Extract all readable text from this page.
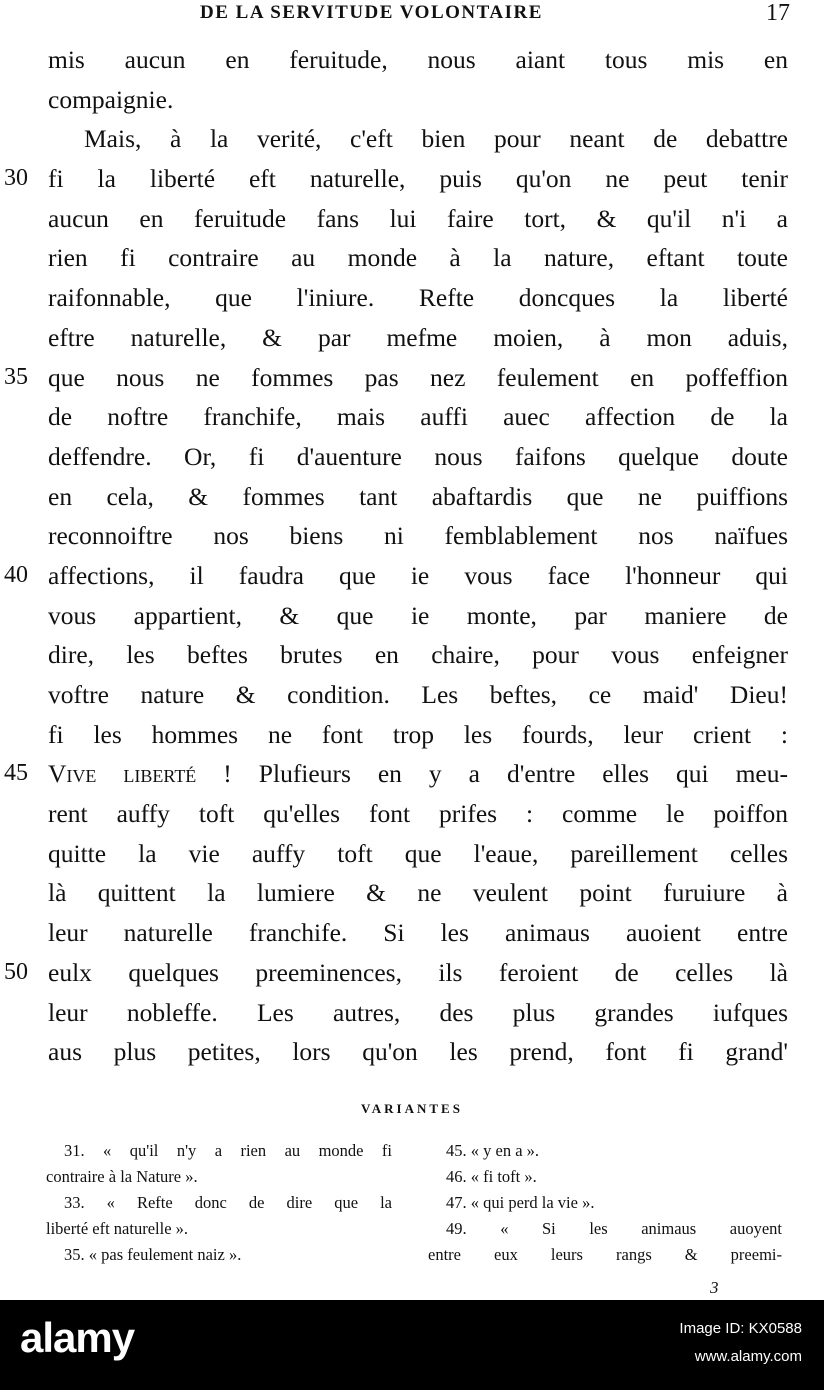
DE LA SERVITUDE VOLONTAIRE	17
mis aucun en feruitude, nous aiant tous mis en
compaignie.
Mais, à la verité, c'eft bien pour neant de debattre
30 fi la liberté eft naturelle, puis qu'on ne peut tenir
aucun en feruitude fans lui faire tort, & qu'il n'i a
rien fi contraire au monde à la nature, eftant toute
raifonnable, que l'iniure. Refte doncques la liberté
eftre naturelle, & par mefme moien, à mon aduis,
35 que nous ne fommes pas nez feulement en poffeffion
de noftre franchife, mais auffi auec affection de la
deffendre. Or, fi d'auenture nous faifons quelque doute
en cela, & fommes tant abaftardis que ne puiffions
reconnoiftre nos biens ni femblablement nos naïfues
40 affections, il faudra que ie vous face l'honneur qui
vous appartient, & que ie monte, par maniere de
dire, les beftes brutes en chaire, pour vous enfeigner
voftre nature & condition. Les beftes, ce maid' Dieu!
fi les hommes ne font trop les fourds, leur crient :
45 Vive liberté ! Plufieurs en y a d'entre elles qui meu-
rent auffy toft qu'elles font prifes : comme le poiffon
quitte la vie auffy toft que l'eaue, pareillement celles
là quittent la lumiere & ne veulent point furuiure à
leur naturelle franchife. Si les animaus auoient entre
50 eulx quelques preeminences, ils feroient de celles là
leur nobleffe. Les autres, des plus grandes iufques
aus plus petites, lors qu'on les prend, font fi grand'
VARIANTES
31. « qu'il n'y a rien au monde fi
contraire à la Nature ».
33. « Refte donc de dire que la
liberté eft naturelle ».
35. « pas feulement naiz ».
45. « y en a ».
46. « fi toft ».
47. « qui perd la vie ».
49. « Si les animaus auoyent
entre eux leurs rangs & preemi-
3
alamy	Image ID: KX0588
www.alamy.com
